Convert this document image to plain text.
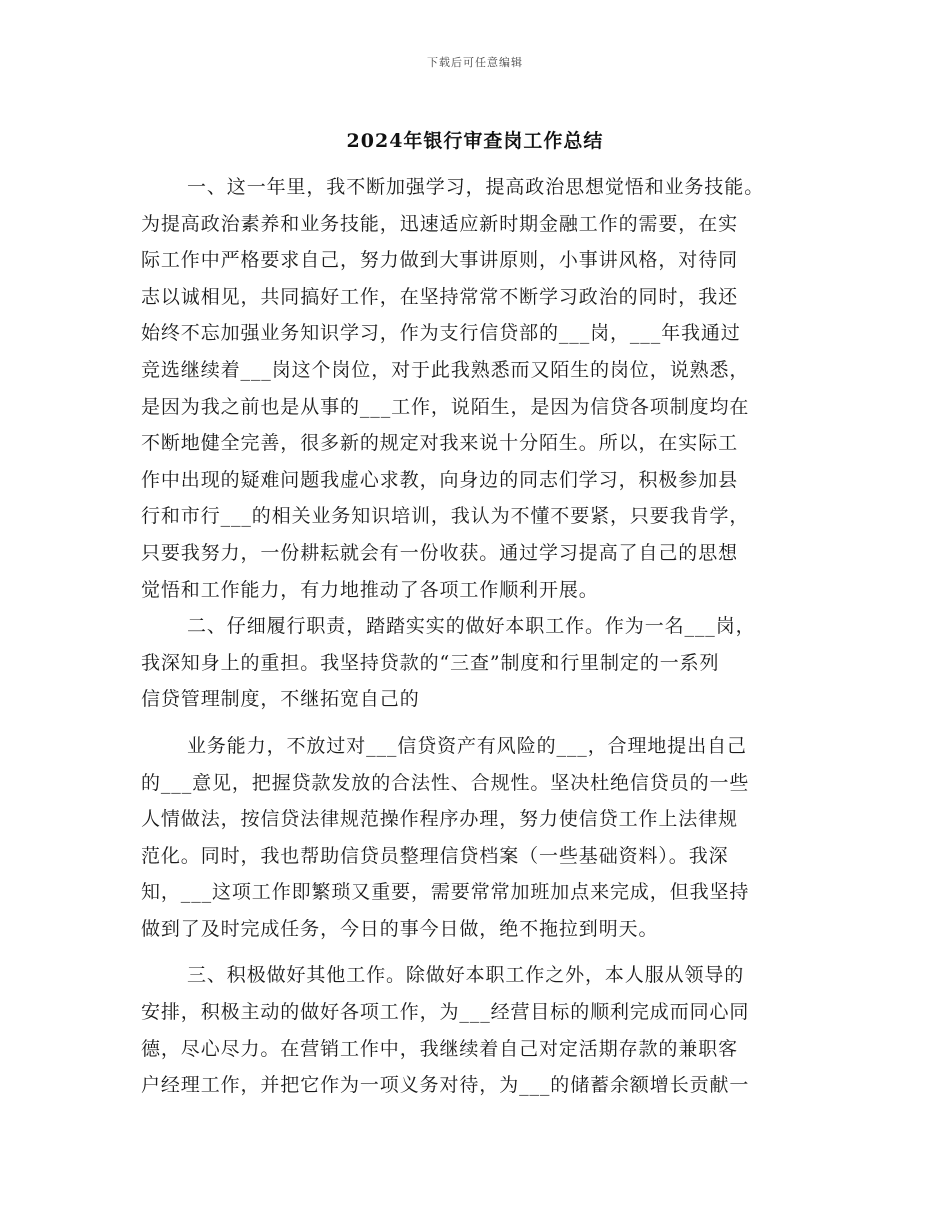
下载后可任意编辑
2024年银行审查岗工作总结
一、这一年里，我不断加强学习，提高政治思想觉悟和业务技能。
为提高政治素养和业务技能，迅速适应新时期金融工作的需要，在实
际工作中严格要求自己，努力做到大事讲原则，小事讲风格，对待同
志以诚相见，共同搞好工作，在坚持常常不断学习政治的同时，我还
始终不忘加强业务知识学习，作为支行信贷部的___岗，___年我通过
竞选继续着___岗这个岗位，对于此我熟悉而又陌生的岗位，说熟悉，
是因为我之前也是从事的___工作，说陌生，是因为信贷各项制度均在
不断地健全完善，很多新的规定对我来说十分陌生。所以，在实际工
作中出现的疑难问题我虚心求教，向身边的同志们学习，积极参加县
行和市行___的相关业务知识培训，我认为不懂不要紧，只要我肯学，
只要我努力，一份耕耘就会有一份收获。通过学习提高了自己的思想
觉悟和工作能力，有力地推动了各项工作顺利开展。
二、仔细履行职责，踏踏实实的做好本职工作。作为一名___岗，
我深知身上的重担。我坚持贷款的“三查”制度和行里制定的一系列
信贷管理制度，不继拓宽自己的
业务能力，不放过对___信贷资产有风险的___，合理地提出自己
的___意见，把握贷款发放的合法性、合规性。坚决杜绝信贷员的一些
人情做法，按信贷法律规范操作程序办理，努力使信贷工作上法律规
范化。同时，我也帮助信贷员整理信贷档案（一些基础资料）。我深
知，___这项工作即繁琐又重要，需要常常加班加点来完成，但我坚持
做到了及时完成任务，今日的事今日做，绝不拖拉到明天。
三、积极做好其他工作。除做好本职工作之外，本人服从领导的
安排，积极主动的做好各项工作，为___经营目标的顺利完成而同心同
德，尽心尽力。在营销工作中，我继续着自己对定活期存款的兼职客
户经理工作，并把它作为一项义务对待，为___的储蓄余额增长贡献一
